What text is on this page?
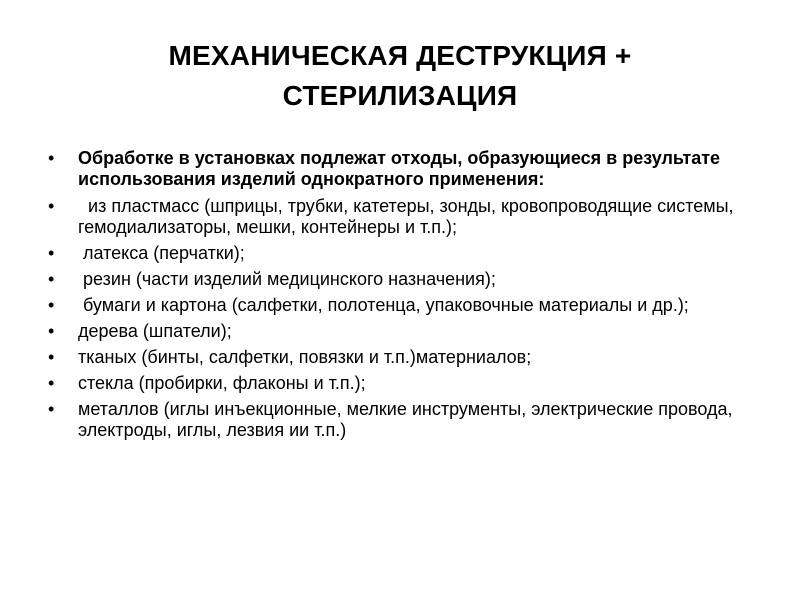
МЕХАНИЧЕСКАЯ ДЕСТРУКЦИЯ +
СТЕРИЛИЗАЦИЯ
•	Обработке в установках подлежат отходы, образующиеся в результате использования изделий однократного применения:
•	из пластмасс (шприцы, трубки, катетеры, зонды, кровопроводящие системы, гемодиализаторы, мешки, контейнеры и т.п.);
•	латекса (перчатки);
•	резин (части изделий медицинского назначения);
•	бумаги и картона (салфетки, полотенца, упаковочные материалы и др.);
•	дерева (шпатели);
•	тканых (бинты, салфетки, повязки и т.п.)матерниалов;
•	стекла (пробирки, флаконы и т.п.);
•	металлов (иглы инъекционные, мелкие инструменты, электрические провода, электроды, иглы, лезвия ии т.п.)
